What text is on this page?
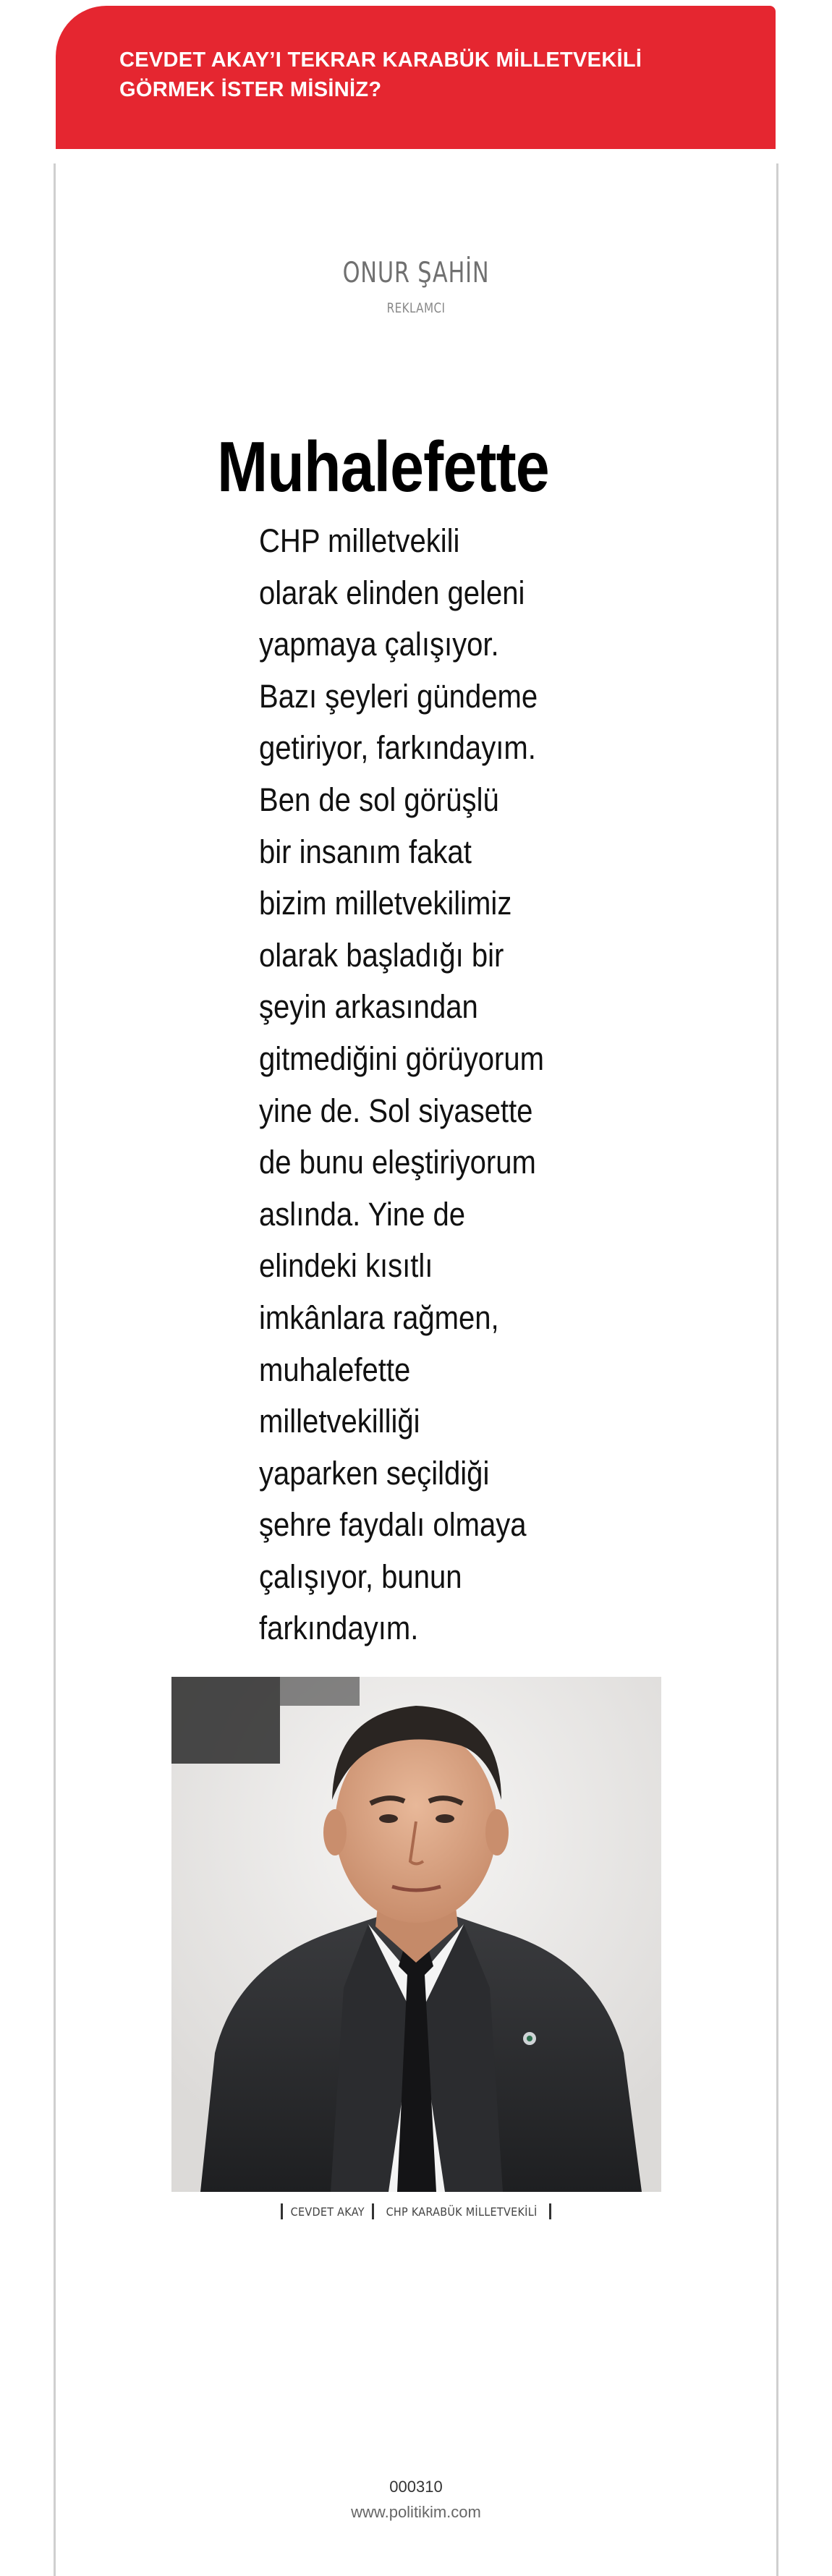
CEVDET AKAY’I TEKRAR KARABÜK MİLLETVEKİLİ
GÖRMEK İSTER MİSİNİZ?
ONUR ŞAHİN
REKLAMCI
Muhalefette
CHP milletvekili
olarak elinden geleni
yapmaya çalışıyor.
Bazı şeyleri gündeme
getiriyor, farkındayım.
Ben de sol görüşlü
bir insanım fakat
bizim milletvekilimiz
olarak başladığı bir
şeyin arkasından
gitmediğini görüyorum
yine de. Sol siyasette
de bunu eleştiriyorum
aslında. Yine de
elindeki kısıtlı
imkânlara rağmen,
muhalefette
milletvekilliği
yaparken seçildiği
şehre faydalı olmaya
çalışıyor, bunun
farkındayım.
CEVDET AKAY CHP KARABÜK MİLLETVEKİLİ
000310
www.politikim.com
